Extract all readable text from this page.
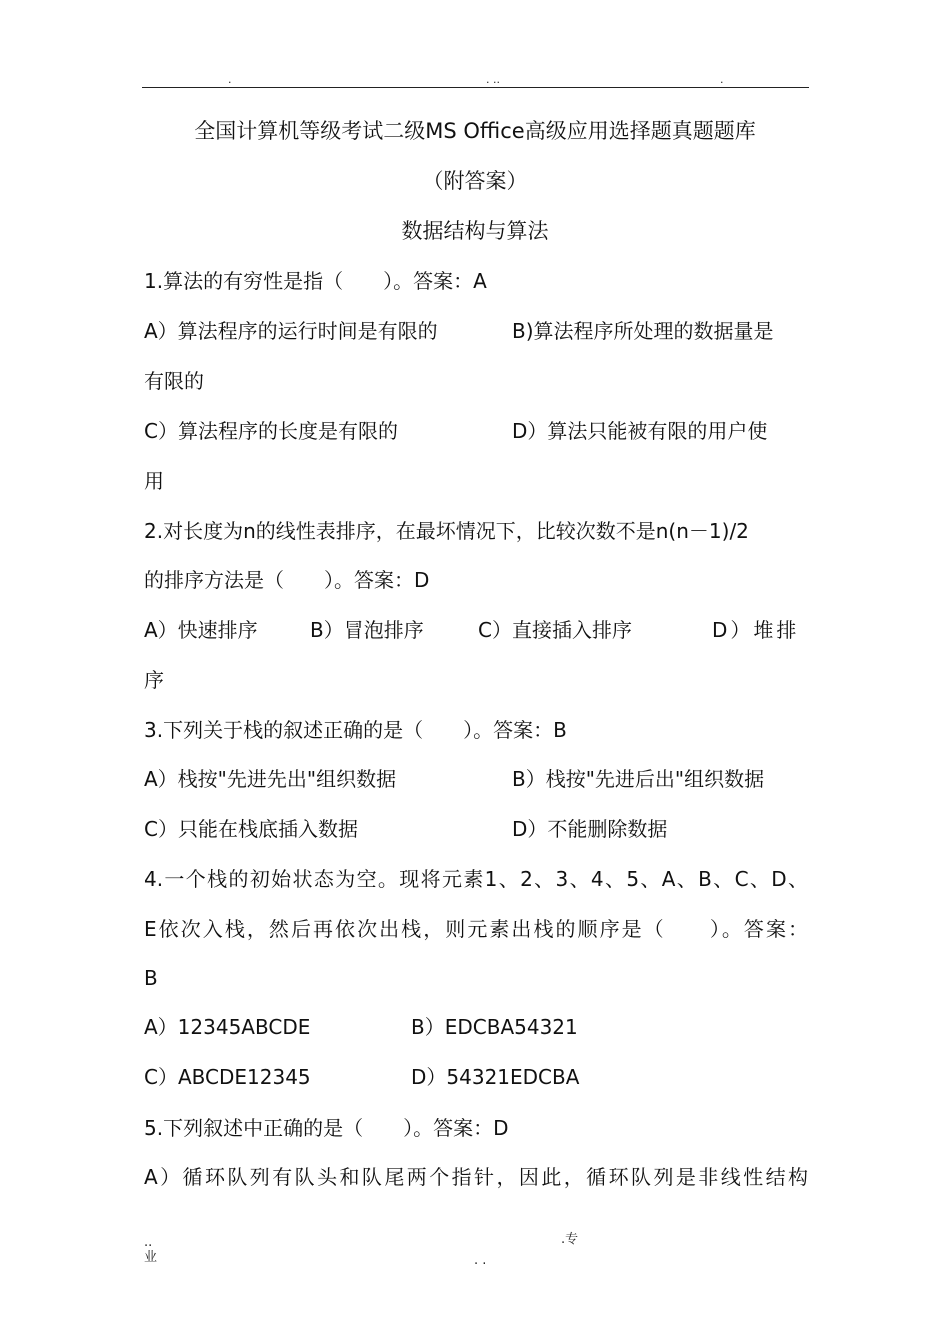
.	. ..	.
全国计算机等级考试二级MS Office高级应用选择题真题题库
（附答案）
数据结构与算法
1.算法的有穷性是指（　　）。答案：A
A）算法程序的运行时间是有限的	B)算法程序所处理的数据量是
有限的
C）算法程序的长度是有限的	D）算法只能被有限的用户使
用
2.对长度为n的线性表排序，在最坏情况下，比较次数不是n(n－1)/2
的排序方法是（　　）。答案：D
A）快速排序	B）冒泡排序	C）直接插入排序	D）堆排
序
3.下列关于栈的叙述正确的是（　　）。答案：B
A）栈按"先进先出"组织数据	B）栈按"先进后出"组织数据
C）只能在栈底插入数据	D）不能删除数据
4.一个栈的初始状态为空。现将元素1、2、3、4、5、A、B、C、D、
E依次入栈，然后再依次出栈，则元素出栈的顺序是（　　）。答案：
B
A）12345ABCDE	B）EDCBA54321
C）ABCDE12345	D）54321EDCBA
5.下列叙述中正确的是（　　）。答案：D
A）循环队列有队头和队尾两个指针，因此，循环队列是非线性结构
..
业	. .
.专
